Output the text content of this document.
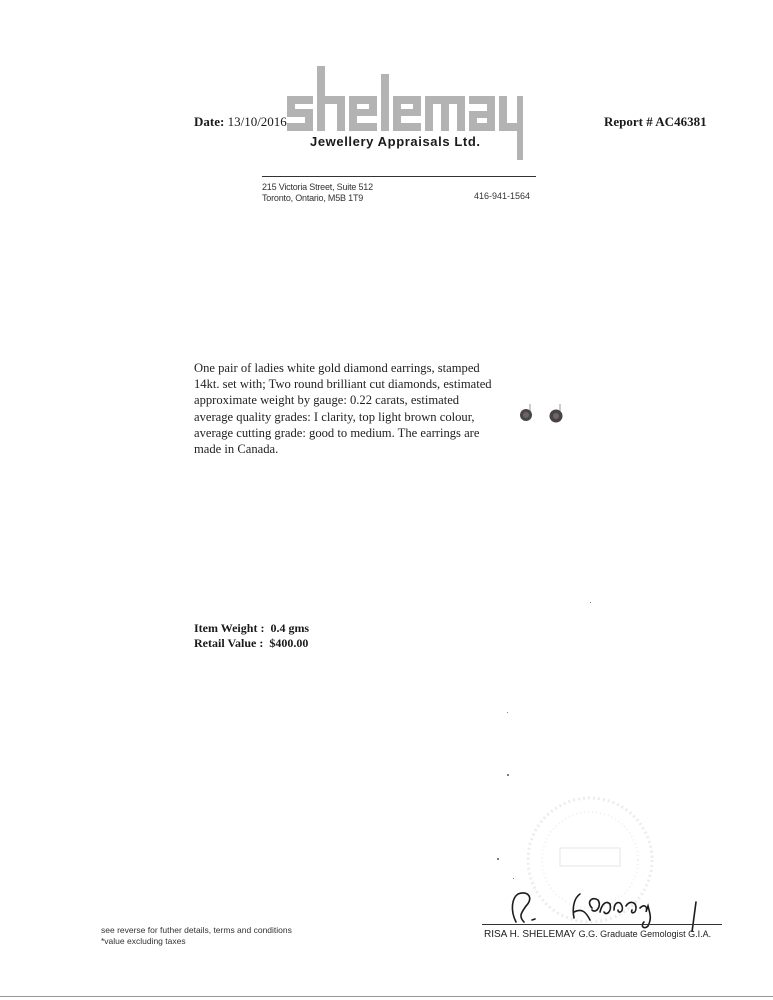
Date: 13/10/2016	Report # AC46381
Jewellery Appraisals Ltd.
215 Victoria Street, Suite 512
Toronto, Ontario, M5B 1T9	416-941-1564
One pair of ladies white gold diamond earrings, stamped 14kt. set with; Two round brilliant cut diamonds, estimated approximate weight by gauge: 0.22 carats, estimated average quality grades: I clarity, top light brown colour, average cutting grade: good to medium. The earrings are made in Canada.
Item Weight : 0.4 gms
Retail Value : $400.00
RISA H. SHELEMAY G.G. Graduate Gemologist G.I.A.
see reverse for futher details, terms and conditions
*value excluding taxes
